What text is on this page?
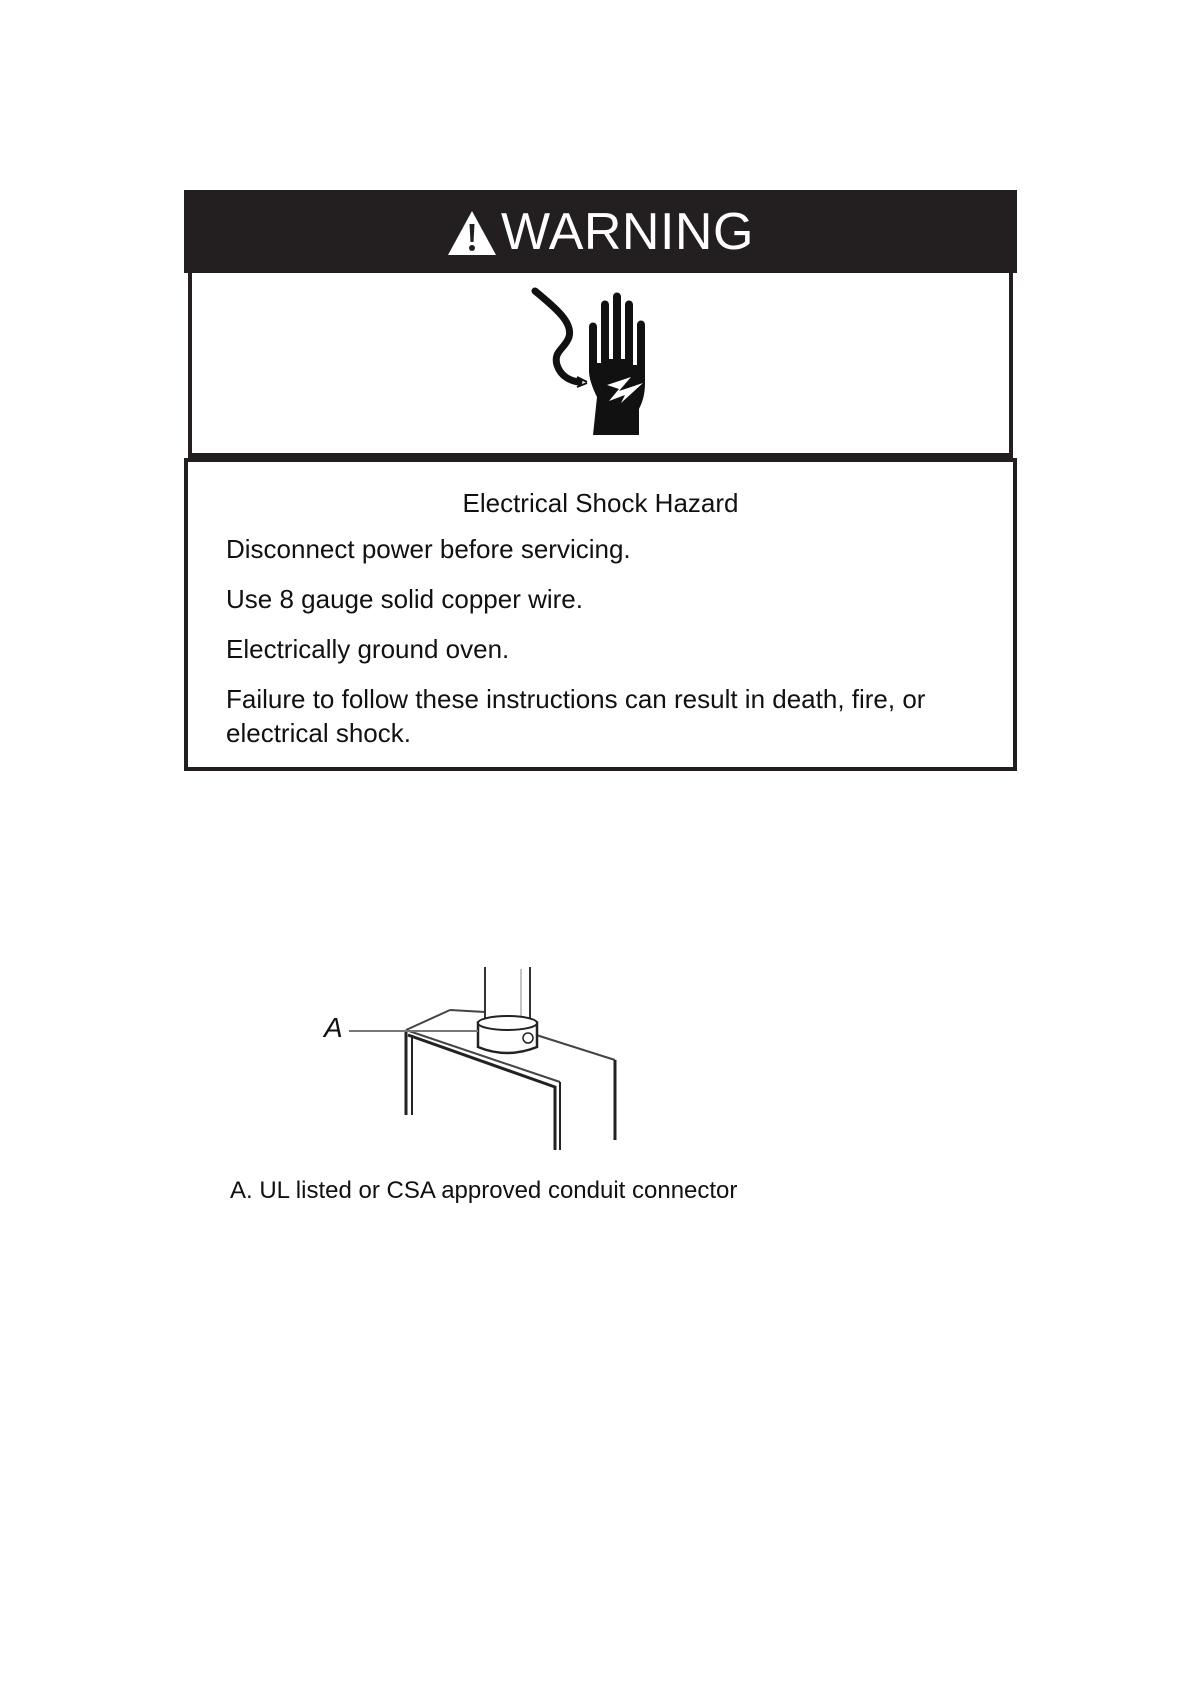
WARNING
Electrical Shock Hazard
Disconnect power before servicing.
Use 8 gauge solid copper wire.
Electrically ground oven.
Failure to follow these instructions can result in death, fire, or electrical shock.
A
A. UL listed or CSA approved conduit connector
